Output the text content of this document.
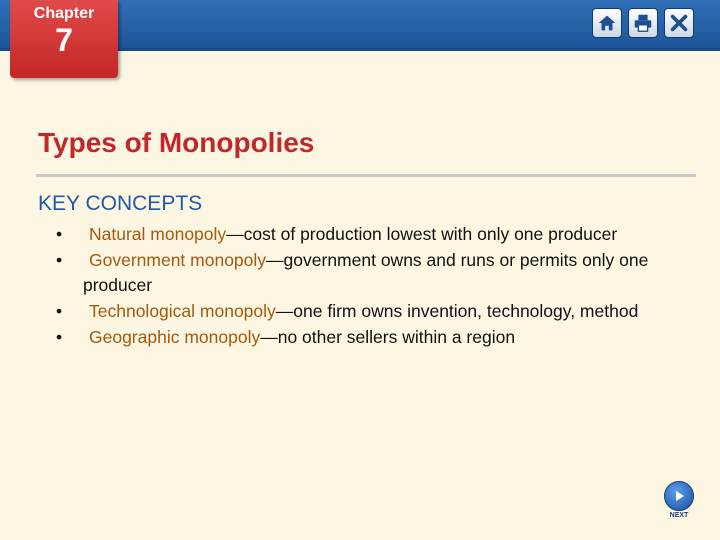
Chapter
7
Types of Monopolies
KEY CONCEPTS
• Natural monopoly—cost of production lowest with only one producer
• Government monopoly—government owns and runs or permits only one producer
• Technological monopoly—one firm owns invention, technology, method
• Geographic monopoly—no other sellers within a region
NEXT
